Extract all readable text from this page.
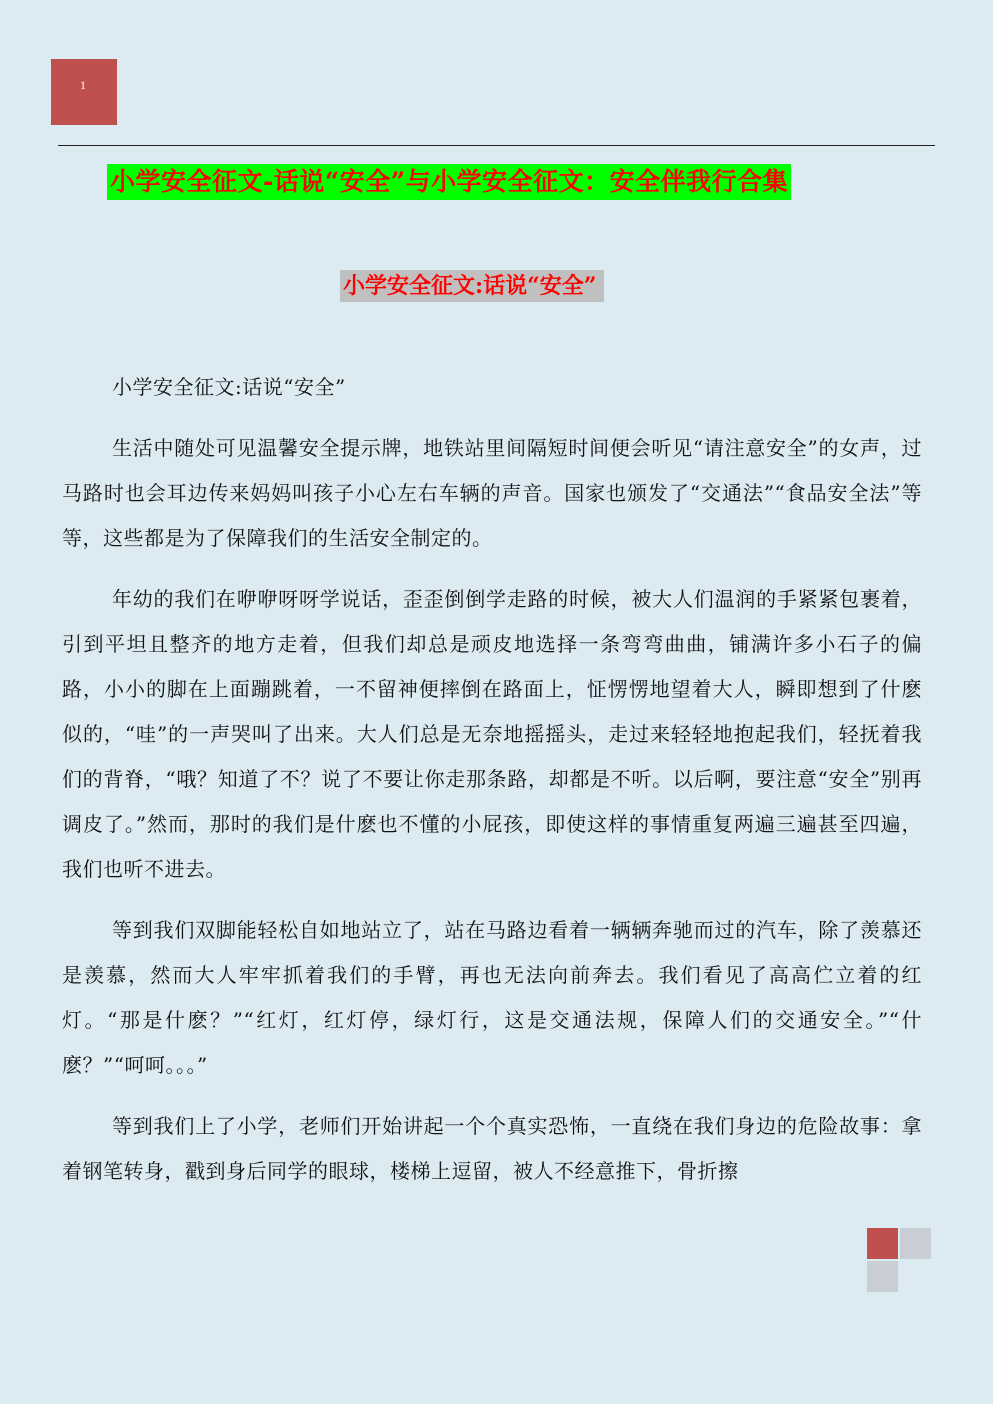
1
小学安全征文-话说“安全”与小学安全征文：安全伴我行合集
小学安全征文:话说“安全”

小学安全征文:话说“安全”

生活中随处可见温馨安全提示牌，地铁站里间隔短时间便会听见“请注意安全”的女声，过马路时也会耳边传来妈妈叫孩子小心左右车辆的声音。国家也颁发了“交通法”“食品安全法”等等，这些都是为了保障我们的生活安全制定的。

年幼的我们在咿咿呀呀学说话，歪歪倒倒学走路的时候，被大人们温润的手紧紧包裹着，引到平坦且整齐的地方走着，但我们却总是顽皮地选择一条弯弯曲曲，铺满许多小石子的偏路，小小的脚在上面蹦跳着，一不留神便摔倒在路面上，怔愣愣地望着大人，瞬即想到了什麽似的，“哇”的一声哭叫了出来。大人们总是无奈地摇摇头，走过来轻轻地抱起我们，轻抚着我们的背脊，“哦？知道了不？说了不要让你走那条路，却都是不听。以后啊，要注意“安全”别再调皮了。”然而，那时的我们是什麽也不懂的小屁孩，即使这样的事情重复两遍三遍甚至四遍，我们也听不进去。

等到我们双脚能轻松自如地站立了，站在马路边看着一辆辆奔驰而过的汽车，除了羡慕还是羡慕，然而大人牢牢抓着我们的手臂，再也无法向前奔去。我们看见了高高伫立着的红灯。“那是什麽？”“红灯，红灯停，绿灯行，这是交通法规，保障人们的交通安全。”“什麽？”“呵呵。。。”

等到我们上了小学，老师们开始讲起一个个真实恐怖，一直绕在我们身边的危险故事：拿着钢笔转身，戳到身后同学的眼球，楼梯上逗留，被人不经意推下，骨折擦
